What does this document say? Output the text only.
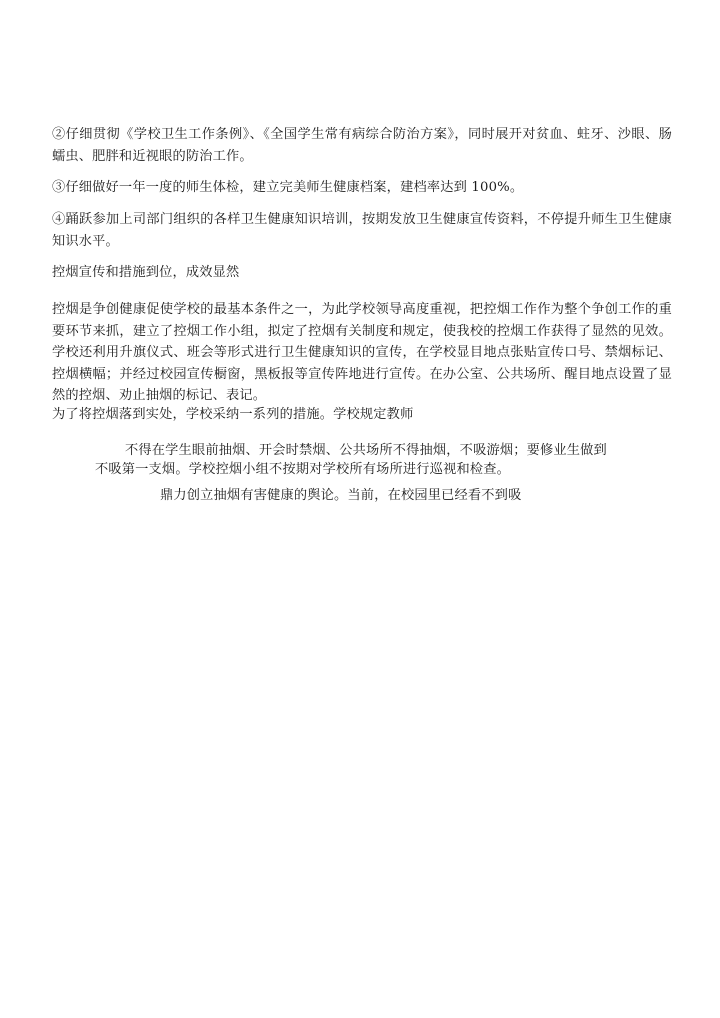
②仔细贯彻《学校卫生工作条例》、《全国学生常有病综合防治方案》，同时展开对贫血、蛀牙、沙眼、肠蠕虫、肥胖和近视眼的防治工作。

③仔细做好一年一度的师生体检，建立完美师生健康档案，建档率达到 100%。

④踊跃参加上司部门组织的各样卫生健康知识培训，按期发放卫生健康宣传资料，不停提升师生卫生健康知识水平。

控烟宣传和措施到位，成效显然

控烟是争创健康促使学校的最基本条件之一，为此学校领导高度重视，把控烟工作作为整个争创工作的重要环节来抓，建立了控烟工作小组，拟定了控烟有关制度和规定，使我校的控烟工作获得了显然的见效。学校还利用升旗仪式、班会等形式进行卫生健康知识的宣传，在学校显目地点张贴宣传口号、禁烟标记、控烟横幅；并经过校园宣传橱窗，黑板报等宣传阵地进行宣传。在办公室、公共场所、醒目地点设置了显然的控烟、劝止抽烟的标记、表记。

为了将控烟落到实处，学校采纳一系列的措施。学校规定教师

不得在学生眼前抽烟、开会时禁烟、公共场所不得抽烟，不吸游烟；要修业生做到

不吸第一支烟。学校控烟小组不按期对学校所有场所进行巡视和检查。

鼎力创立抽烟有害健康的舆论。当前，在校园里已经看不到吸
